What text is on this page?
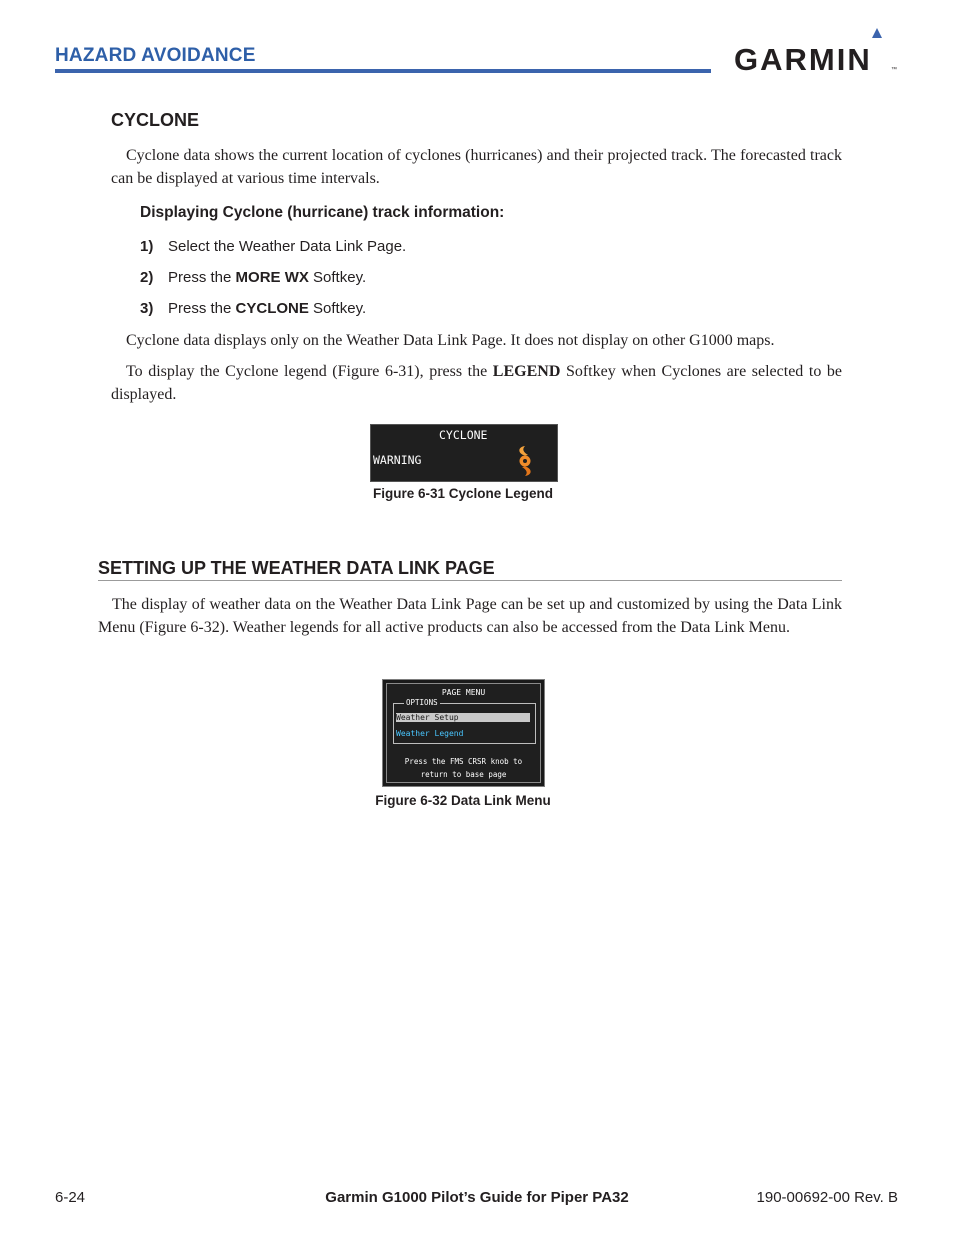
HAZARD AVOIDANCE	GARMIN	™
CYCLONE
Cyclone data shows the current location of cyclones (hurricanes) and their projected track. The forecasted track can be displayed at various time intervals.
Displaying Cyclone (hurricane) track information:
1) Select the Weather Data Link Page.
2) Press the MORE WX Softkey.
3) Press the CYCLONE Softkey.
Cyclone data displays only on the Weather Data Link Page. It does not display on other G1000 maps.
To display the Cyclone legend (Figure 6-31), press the LEGEND Softkey when Cyclones are selected to be displayed.
CYCLONE
WARNING
Figure 6-31 Cyclone Legend
SETTING UP THE WEATHER DATA LINK PAGE
The display of weather data on the Weather Data Link Page can be set up and customized by using the Data Link Menu (Figure 6-32). Weather legends for all active products can also be accessed from the Data Link Menu.
PAGE MENU
OPTIONS
Weather Setup
Weather Legend
Press the FMS CRSR knob to
return to base page
Figure 6-32 Data Link Menu
6-24	Garmin G1000 Pilot’s Guide for Piper PA32	190-00692-00 Rev. B
